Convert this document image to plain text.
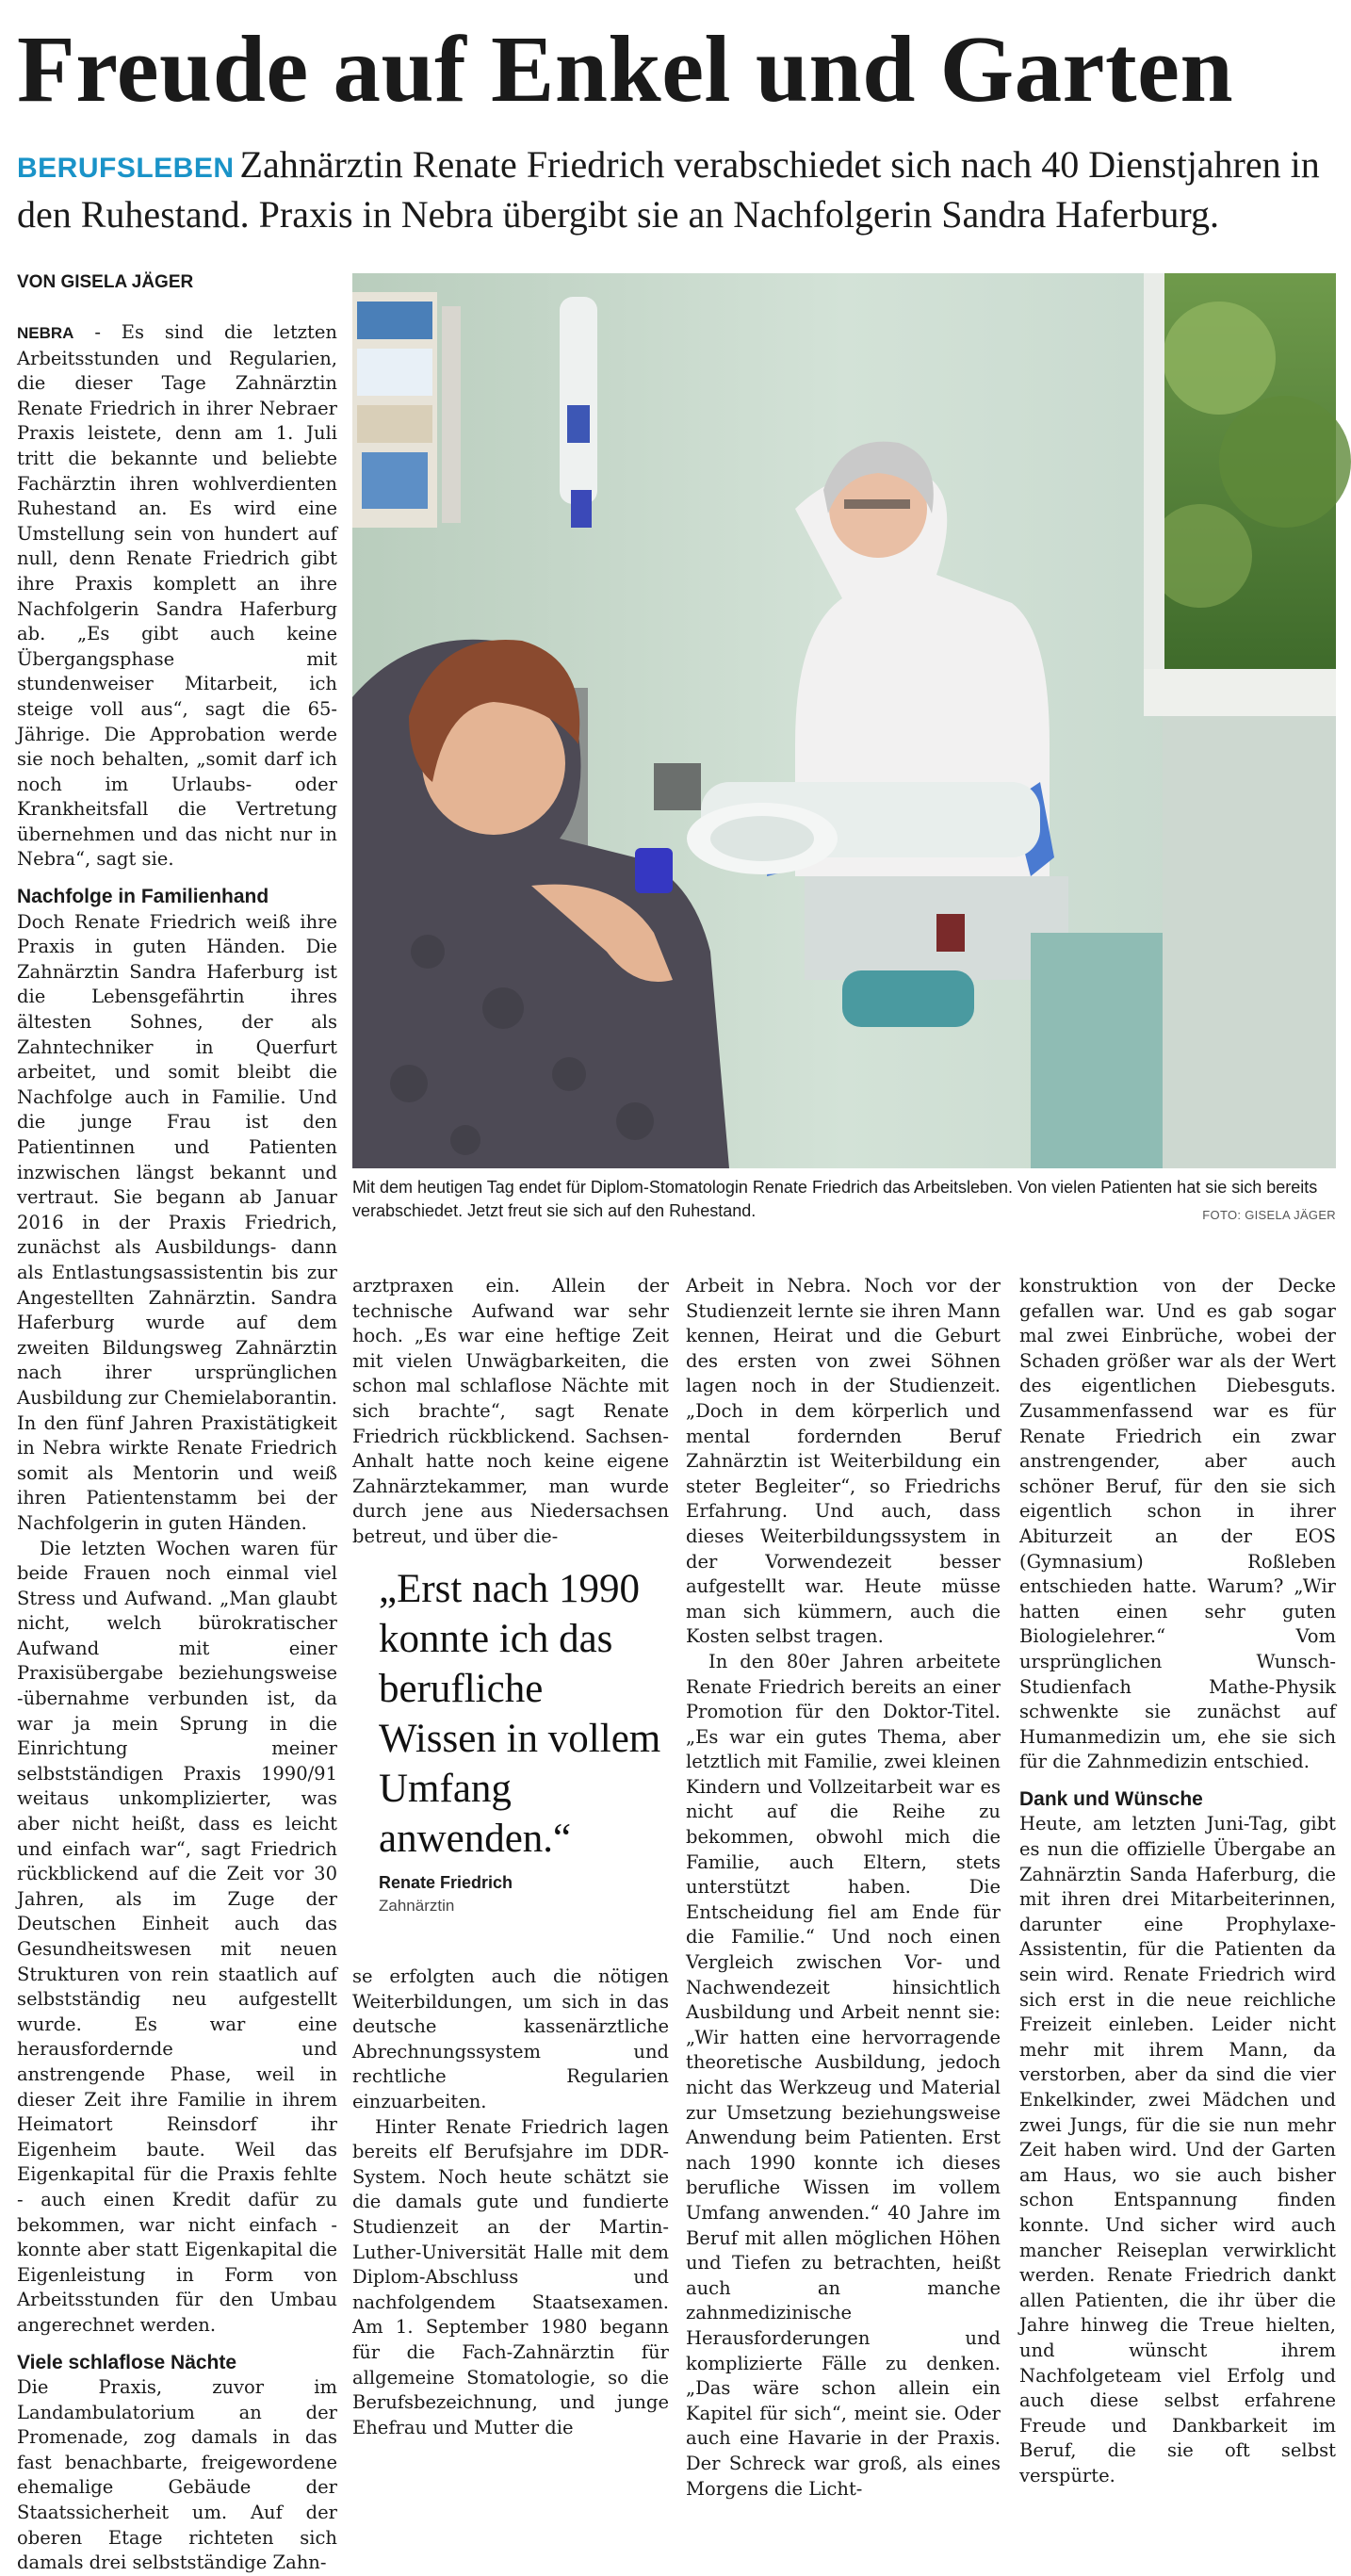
Freude auf Enkel und Garten
BERUFSLEBEN Zahnärztin Renate Friedrich verabschiedet sich nach 40 Dienstjahren in den Ruhestand. Praxis in Nebra übergibt sie an Nachfolgerin Sandra Haferburg.
VON GISELA JÄGER

NEBRA - Es sind die letzten Arbeitsstunden und Regularien, die dieser Tage Zahnärztin Renate Friedrich in ihrer Nebraer Praxis leistete, denn am 1. Juli tritt die bekannte und beliebte Fachärztin ihren wohlverdienten Ruhestand an. Es wird eine Umstellung sein von hundert auf null, denn Renate Friedrich gibt ihre Praxis komplett an ihre Nachfolgerin Sandra Haferburg ab. „Es gibt auch keine Übergangsphase mit stundenweiser Mitarbeit, ich steige voll aus“, sagt die 65-Jährige. Die Approbation werde sie noch behalten, „somit darf ich noch im Urlaubs- oder Krankheitsfall die Vertretung übernehmen und das nicht nur in Nebra“, sagt sie.

Nachfolge in Familienhand

Doch Renate Friedrich weiß ihre Praxis in guten Händen. Die Zahnärztin Sandra Haferburg ist die Lebensgefährtin ihres ältesten Sohnes, der als Zahntechniker in Querfurt arbeitet, und somit bleibt die Nachfolge auch in Familie. Und die junge Frau ist den Patientinnen und Patienten inzwischen längst bekannt und vertraut. Sie begann ab Januar 2016 in der Praxis Friedrich, zunächst als Ausbildungs- dann als Entlastungsassistentin bis zur Angestellten Zahnärztin. Sandra Haferburg wurde auf dem zweiten Bildungsweg Zahnärztin nach ihrer ursprünglichen Ausbildung zur Chemielaborantin. In den fünf Jahren Praxistätigkeit in Nebra wirkte Renate Friedrich somit als Mentorin und weiß ihren Patientenstamm bei der Nachfolgerin in guten Händen.

Die letzten Wochen waren für beide Frauen noch einmal viel Stress und Aufwand. „Man glaubt nicht, welch bürokratischer Aufwand mit einer Praxisübergabe beziehungsweise -übernahme verbunden ist, da war ja mein Sprung in die Einrichtung meiner selbstständigen Praxis 1990/91 weitaus unkomplizierter, was aber nicht heißt, dass es leicht und einfach war“, sagt Friedrich rückblickend auf die Zeit vor 30 Jahren, als im Zuge der Deutschen Einheit auch das Gesundheitswesen mit neuen Strukturen von rein staatlich auf selbstständig neu aufgestellt wurde. Es war eine herausfordernde und anstrengende Phase, weil in dieser Zeit ihre Familie in ihrem Heimatort Reinsdorf ihr Eigenheim baute. Weil das Eigenkapital für die Praxis fehlte - auch einen Kredit dafür zu bekommen, war nicht einfach - konnte aber statt Eigenkapital die Eigenleistung in Form von Arbeitsstunden für den Umbau angerechnet werden.

Viele schlaflose Nächte

Die Praxis, zuvor im Landambulatorium an der Promenade, zog damals in das fast benachbarte, freigewordene ehemalige Gebäude der Staatssicherheit um. Auf der oberen Etage richteten sich damals drei selbstständige Zahn-

Mit dem heutigen Tag endet für Diplom-Stomatologin Renate Friedrich das Arbeitsleben. Von vielen Patienten hat sie sich bereits verabschiedet. Jetzt freut sie sich auf den Ruhestand.	FOTO: GISELA JÄGER

arztpraxen ein. Allein der technische Aufwand war sehr hoch. „Es war eine heftige Zeit mit vielen Unwägbarkeiten, die schon mal schlaflose Nächte mit sich brachte“, sagt Renate Friedrich rückblickend. Sachsen-Anhalt hatte noch keine eigene Zahnärztekammer, man wurde durch jene aus Niedersachsen betreut, und über die-

„Erst nach 1990 konnte ich das berufliche Wissen in vollem Umfang anwenden.“
Renate Friedrich
Zahnärztin

se erfolgten auch die nötigen Weiterbildungen, um sich in das deutsche kassenärztliche Abrechnungssystem und rechtliche Regularien einzuarbeiten.

Hinter Renate Friedrich lagen bereits elf Berufsjahre im DDR-System. Noch heute schätzt sie die damals gute und fundierte Studienzeit an der Martin-Luther-Universität Halle mit dem Diplom-Abschluss und nachfolgendem Staatsexamen. Am 1. September 1980 begann für die Fach-Zahnärztin für allgemeine Stomatologie, so die Berufsbezeichnung, und junge Ehefrau und Mutter die

Arbeit in Nebra. Noch vor der Studienzeit lernte sie ihren Mann kennen, Heirat und die Geburt des ersten von zwei Söhnen lagen noch in der Studienzeit. „Doch in dem körperlich und mental fordernden Beruf Zahnärztin ist Weiterbildung ein steter Begleiter“, so Friedrichs Erfahrung. Und auch, dass dieses Weiterbildungssystem in der Vorwendezeit besser aufgestellt war. Heute müsse man sich kümmern, auch die Kosten selbst tragen.

In den 80er Jahren arbeitete Renate Friedrich bereits an einer Promotion für den Doktor-Titel. „Es war ein gutes Thema, aber letztlich mit Familie, zwei kleinen Kindern und Vollzeitarbeit war es nicht auf die Reihe zu bekommen, obwohl mich die Familie, auch Eltern, stets unterstützt haben. Die Entscheidung fiel am Ende für die Familie.“ Und noch einen Vergleich zwischen Vor- und Nachwendezeit hinsichtlich Ausbildung und Arbeit nennt sie: „Wir hatten eine hervorragende theoretische Ausbildung, jedoch nicht das Werkzeug und Material zur Umsetzung beziehungsweise Anwendung beim Patienten. Erst nach 1990 konnte ich dieses berufliche Wissen im vollem Umfang anwenden.“ 40 Jahre im Beruf mit allen möglichen Höhen und Tiefen zu betrachten, heißt auch an manche zahnmedizinische Herausforderungen und komplizierte Fälle zu denken. „Das wäre schon allein ein Kapitel für sich“, meint sie. Oder auch eine Havarie in der Praxis. Der Schreck war groß, als eines Morgens die Licht-

konstruktion von der Decke gefallen war. Und es gab sogar mal zwei Einbrüche, wobei der Schaden größer war als der Wert des eigentlichen Diebesguts. Zusammenfassend war es für Renate Friedrich ein zwar anstrengender, aber auch schöner Beruf, für den sie sich eigentlich schon in ihrer Abiturzeit an der EOS (Gymnasium) Roßleben entschieden hatte. Warum? „Wir hatten einen sehr guten Biologielehrer.“ Vom ursprünglichen Wunsch-Studienfach Mathe-Physik schwenkte sie zunächst auf Humanmedizin um, ehe sie sich für die Zahnmedizin entschied.

Dank und Wünsche

Heute, am letzten Juni-Tag, gibt es nun die offizielle Übergabe an Zahnärztin Sanda Haferburg, die mit ihren drei Mitarbeiterinnen, darunter eine Prophylaxe-Assistentin, für die Patienten da sein wird. Renate Friedrich wird sich erst in die neue reichliche Freizeit einleben. Leider nicht mehr mit ihrem Mann, da verstorben, aber da sind die vier Enkelkinder, zwei Mädchen und zwei Jungs, für die sie nun mehr Zeit haben wird. Und der Garten am Haus, wo sie auch bisher schon Entspannung finden konnte. Und sicher wird auch mancher Reiseplan verwirklicht werden. Renate Friedrich dankt allen Patienten, die ihr über die Jahre hinweg die Treue hielten, und wünscht ihrem Nachfolgeteam viel Erfolg und auch diese selbst erfahrene Freude und Dankbarkeit im Beruf, die sie oft selbst verspürte.
